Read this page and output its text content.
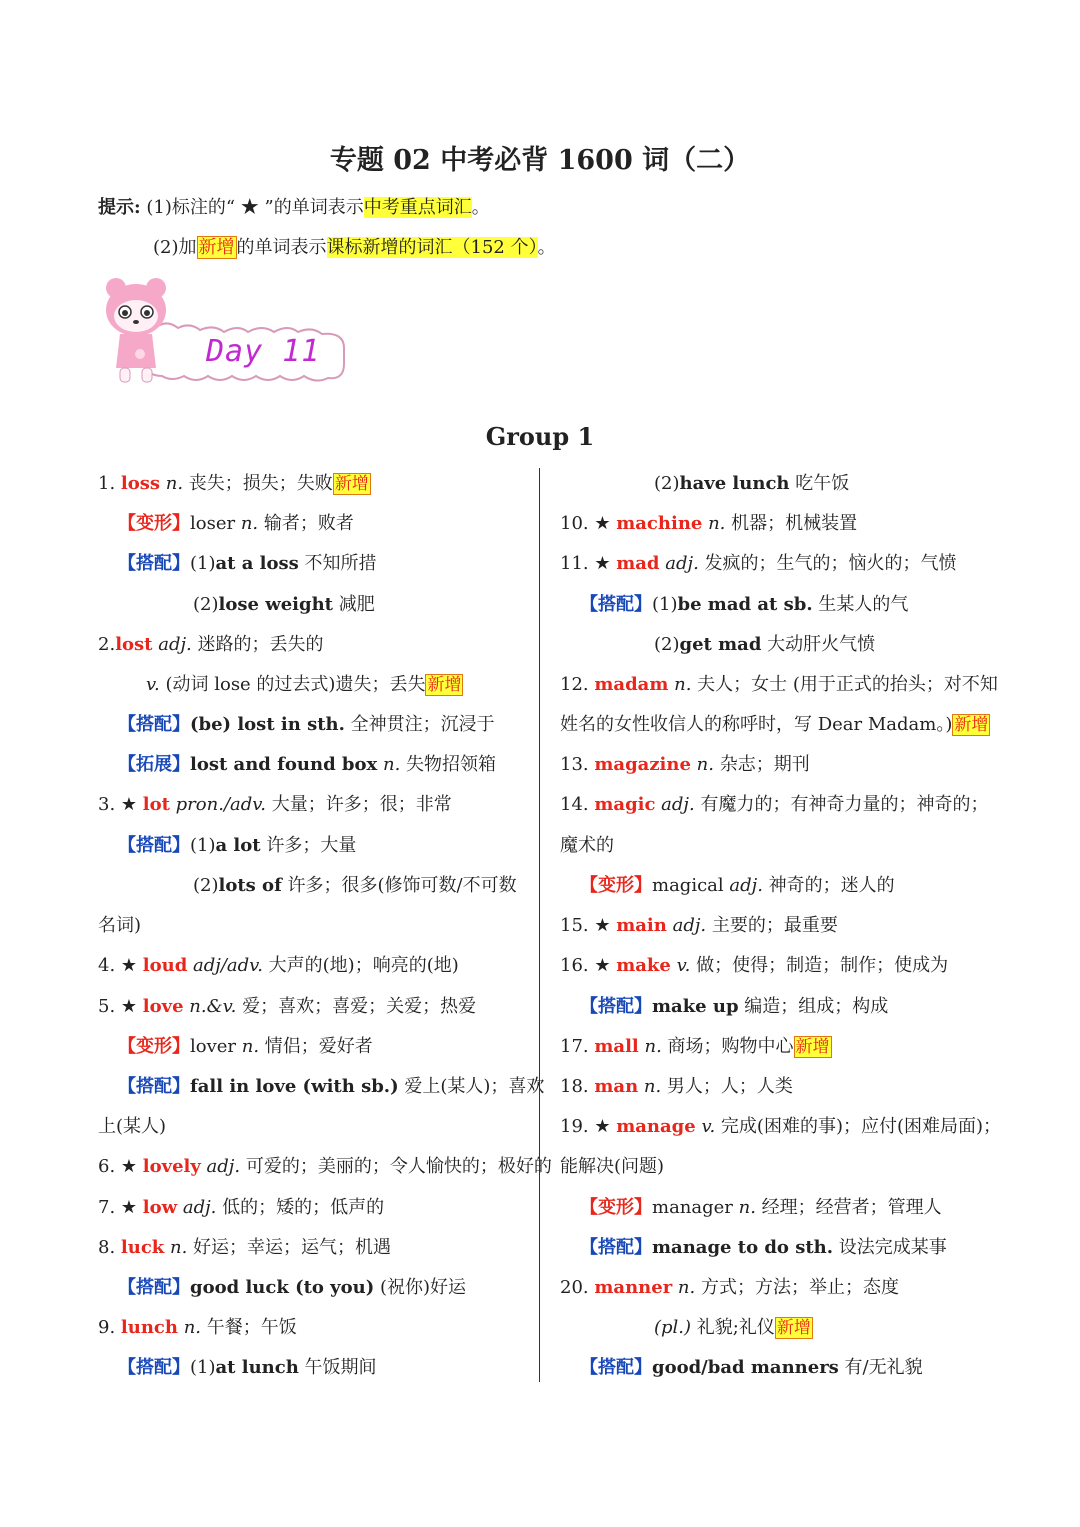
专题 02 中考必背 1600 词（二）
提示: (1)标注的“ ★ ”的单词表示中考重点词汇。
(2)加 新增 的单词表示课标新增的词汇（152 个）。
Day 11
Group 1
1. loss n. 丧失；损失；失败 新增
【变形】loser n. 输者；败者
【搭配】(1)at a loss 不知所措
(2)lose weight 减肥
2.lost adj. 迷路的；丢失的
v. (动词 lose 的过去式)遗失；丢失 新增
【搭配】(be) lost in sth. 全神贯注；沉浸于
【拓展】lost and found box n. 失物招领箱
3. ★ lot pron./adv. 大量；许多；很；非常
【搭配】(1)a lot 许多；大量
(2)lots of 许多；很多(修饰可数/不可数
名词)
4. ★ loud adj/adv. 大声的(地)；响亮的(地)
5. ★ love n.&v. 爱；喜欢；喜爱；关爱；热爱
【变形】lover n. 情侣；爱好者
【搭配】fall in love (with sb.) 爱上(某人)；喜欢
上(某人)
6. ★ lovely adj. 可爱的；美丽的；令人愉快的；极好的
7. ★ low adj. 低的；矮的；低声的
8. luck n. 好运；幸运；运气；机遇
【搭配】good luck (to you) (祝你)好运
9. lunch n. 午餐；午饭
【搭配】(1)at lunch 午饭期间
(2)have lunch 吃午饭
10. ★ machine n. 机器；机械装置
11. ★ mad adj. 发疯的；生气的；恼火的；气愤
【搭配】(1)be mad at sb. 生某人的气
(2)get mad 大动肝火气愤
12. madam n. 夫人；女士 (用于正式的抬头；对不知
姓名的女性收信人的称呼时，写 Dear Madam。) 新增
13. magazine n. 杂志；期刊
14. magic adj. 有魔力的；有神奇力量的；神奇的；
魔术的
【变形】magical adj. 神奇的；迷人的
15. ★ main adj. 主要的；最重要
16. ★ make v. 做；使得；制造；制作；使成为
【搭配】make up 编造；组成；构成
17. mall n. 商场；购物中心 新增
18. man n. 男人；人；人类
19. ★ manage v. 完成(困难的事)；应付(困难局面)；
能解决(问题)
【变形】manager n. 经理；经营者；管理人
【搭配】manage to do sth. 设法完成某事
20. manner n. 方式；方法；举止；态度
(pl.) 礼貌;礼仪 新增
【搭配】good/bad manners 有/无礼貌
